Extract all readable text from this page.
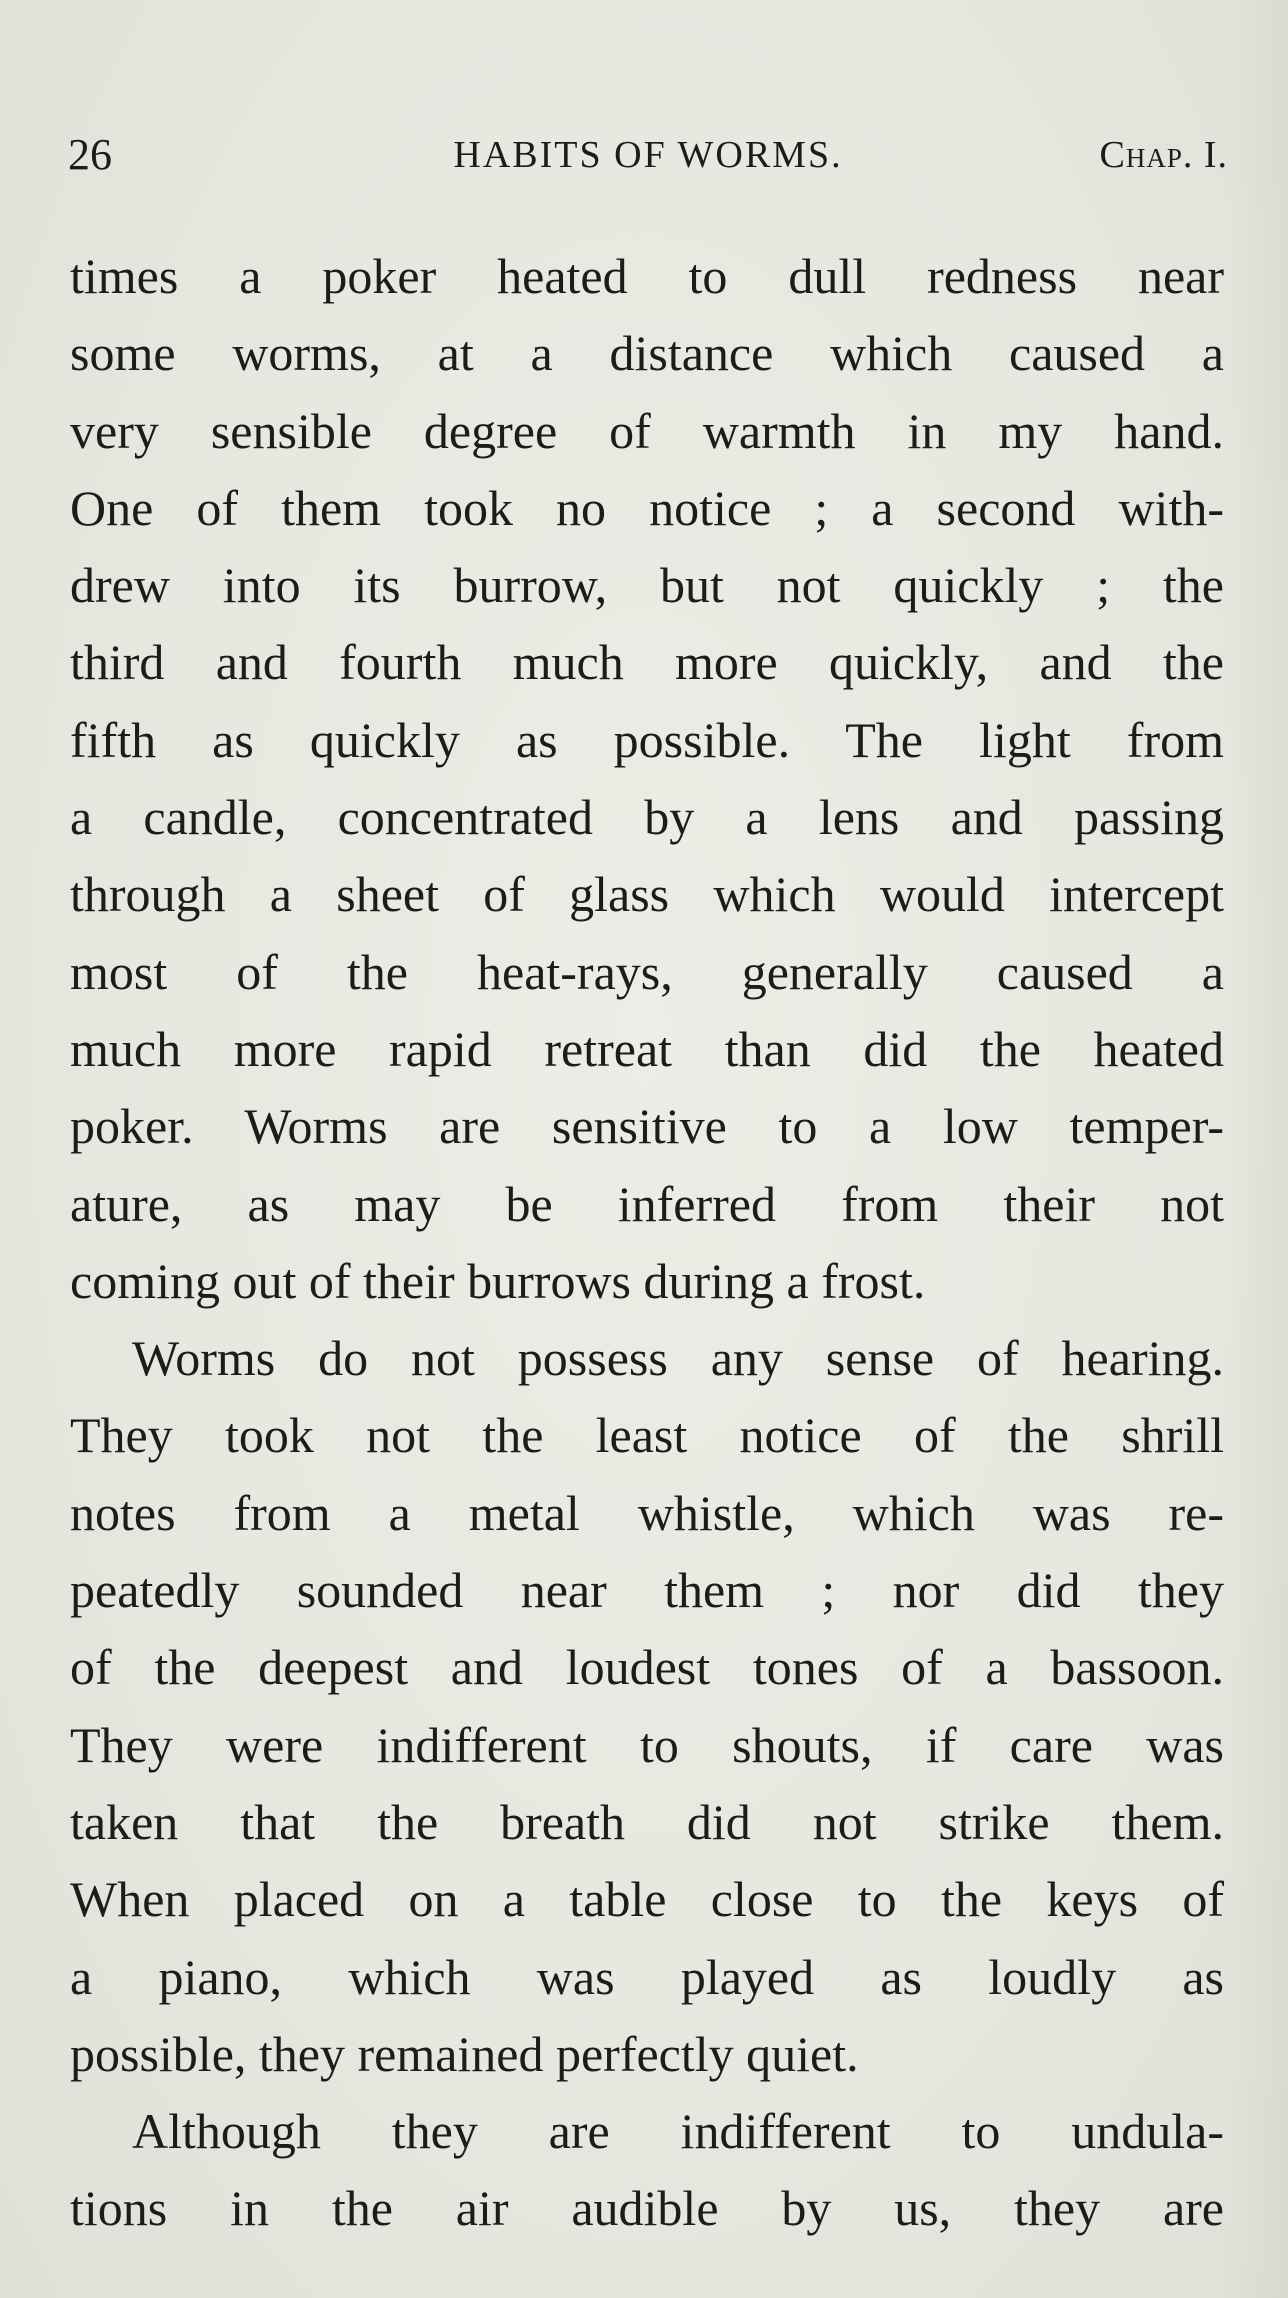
26	HABITS OF WORMS.	Chap. I.
times a poker heated to dull redness near
some worms, at a distance which caused a
very sensible degree of warmth in my hand.
One of them took no notice ; a second with-
drew into its burrow, but not quickly ; the
third and fourth much more quickly, and the
fifth as quickly as possible. The light from
a candle, concentrated by a lens and passing
through a sheet of glass which would intercept
most of the heat-rays, generally caused a
much more rapid retreat than did the heated
poker. Worms are sensitive to a low temper-
ature, as may be inferred from their not
coming out of their burrows during a frost.
Worms do not possess any sense of hearing.
They took not the least notice of the shrill
notes from a metal whistle, which was re-
peatedly sounded near them ; nor did they
of the deepest and loudest tones of a bassoon.
They were indifferent to shouts, if care was
taken that the breath did not strike them.
When placed on a table close to the keys of
a piano, which was played as loudly as
possible, they remained perfectly quiet.
Although they are indifferent to undula-
tions in the air audible by us, they are
